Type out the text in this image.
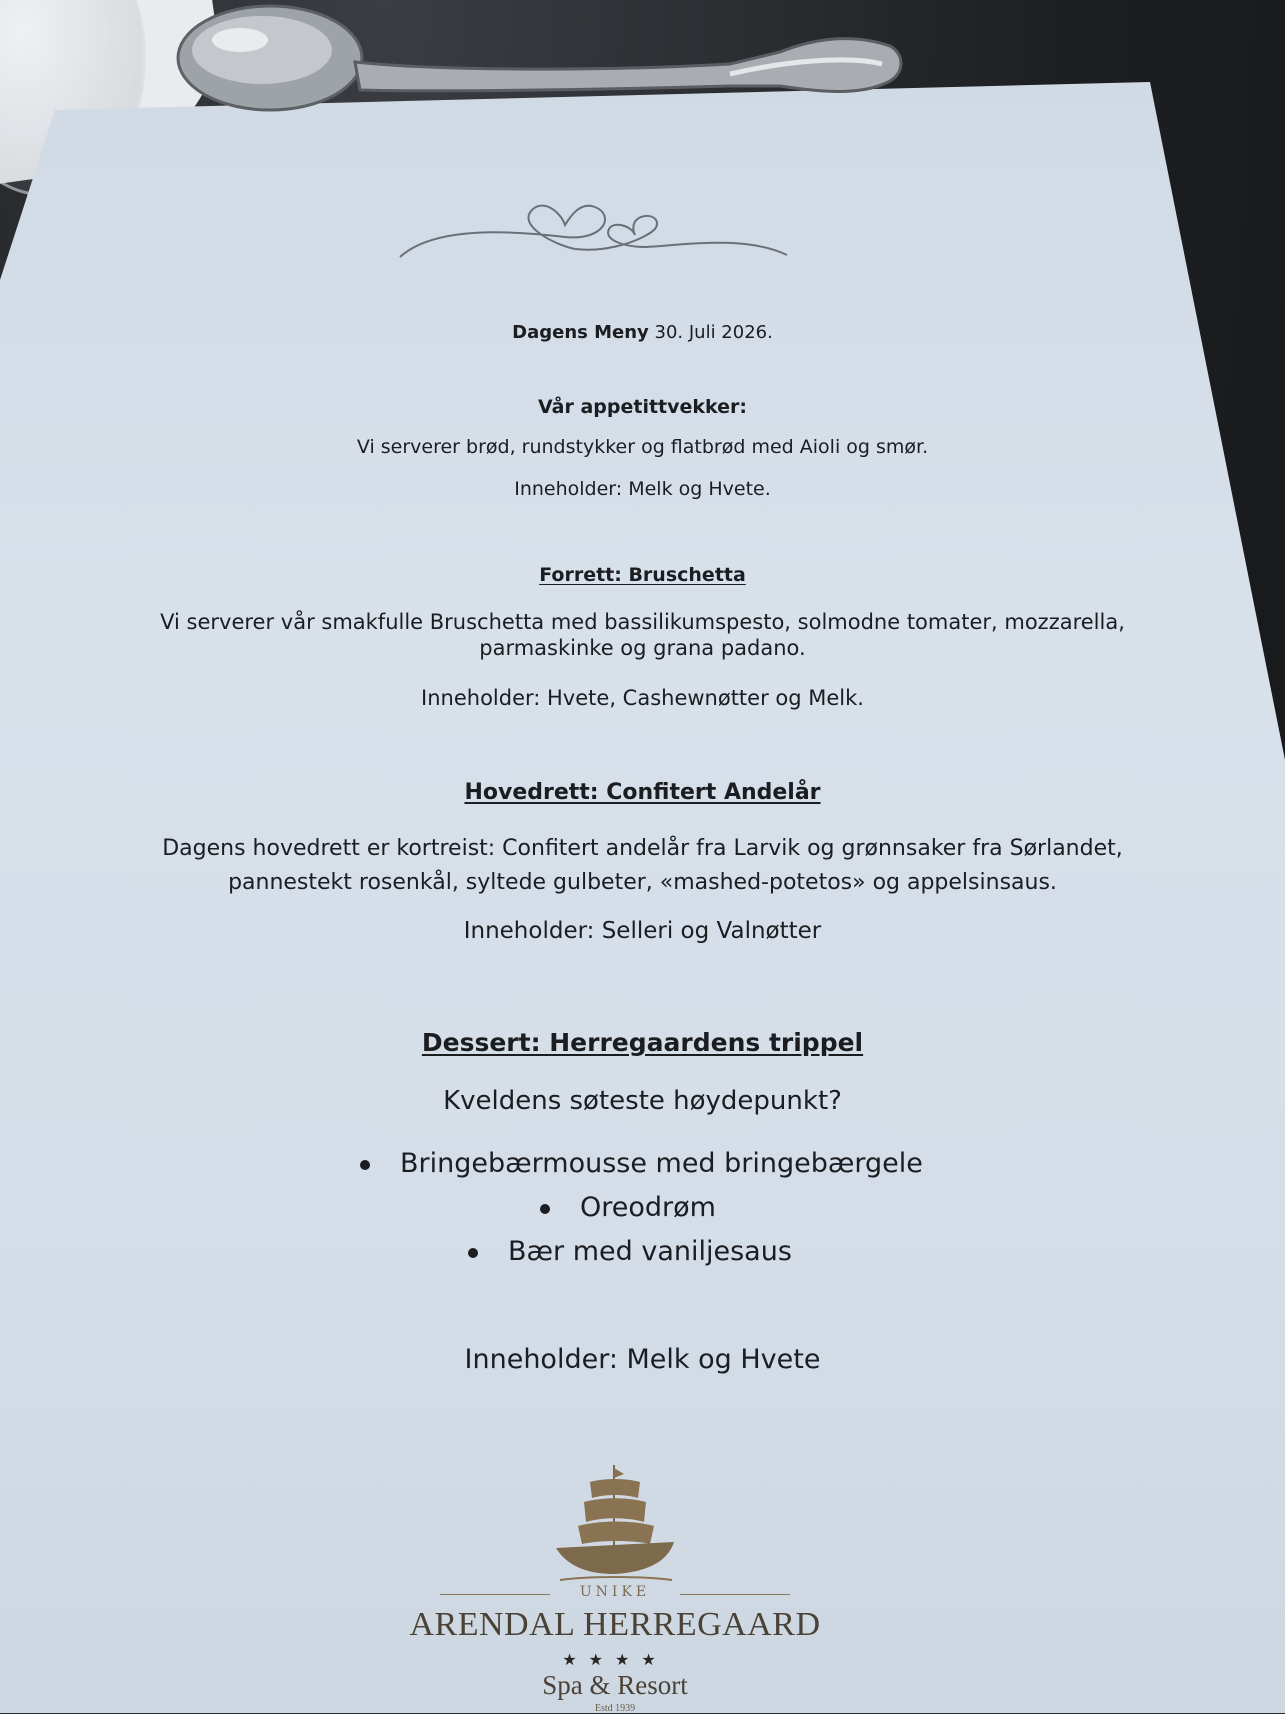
Dagens Meny 30. Juli 2026.
Vår appetittvekker:
Vi serverer brød, rundstykker og flatbrød med Aioli og smør.
Inneholder: Melk og Hvete.
Forrett: Bruschetta
Vi serverer vår smakfulle Bruschetta med bassilikumspesto, solmodne tomater, mozzarella,
parmaskinke og grana padano.
Inneholder: Hvete, Cashewnøtter og Melk.
Hovedrett: Confitert Andelår
Dagens hovedrett er kortreist: Confitert andelår fra Larvik og grønnsaker fra Sørlandet,
pannestekt rosenkål, syltede gulbeter, «mashed-potetos» og appelsinsaus.
Inneholder: Selleri og Valnøtter
Dessert: Herregaardens trippel
Kveldens søteste høydepunkt?
Bringebærmousse med bringebærgele
Oreodrøm
Bær med vaniljesaus
Inneholder: Melk og Hvete
UNIKE
ARENDAL HERREGAARD
★★★★
Spa & Resort
Estd 1939
